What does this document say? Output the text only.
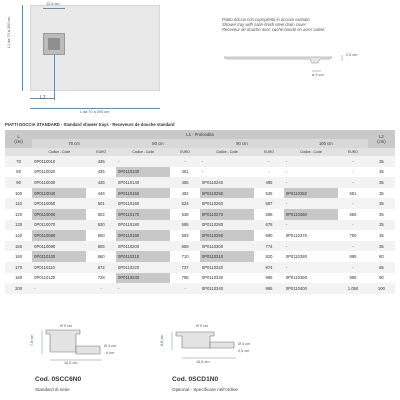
12,5 cm
L1 da 70 a 200 cm
L2
L da 70 a 200 cm
Piatto doccia con copripiletta in acciaio satinato
Shower tray with satin-finish steel drain cover
Receveur de douche avec cache-bonde en acier satiné
2,5 cm
ø 9 cm
PIATTI DOCCIA STANDARD - Standard shower trays - Receveurs de douche standard
L
(cm)	L1 - Profondità								L2
(cm)
	70 cm		80 cm		90 cm		100 cm		
	Codice - Code	EURO	Codice - Code	EURO	Codice - Code	EURO	Codice - Code	EURO	
70	0P0110010	435	-	-	-	-	-	-	35
80	0P0110020	435	0P0110130	461	-	-	-	-	35
90	0P0110030	436	0P0110140	465	0P0110240	495	-	-	35
100	0P0110040	446	0P0110150	482	0P0110250	535	0P0110350	581	35
110	0P0110050	501	0P0110160	524	0P0110260	587	-	-	35
120	0P0110060	502	0P0110170	538	0P0110270	598	0P0110360	665	35
130	0P0110070	530	0P0110180	585	0P0110280	678	-	-	35
140	0P0110080	560	0P0110190	593	0P0110290	690	0P0110370	760	35
150	0P0110090	605	0P0110200	659	0P0110300	774	-	-	35
160	0P0110100	660	0P0110210	710	0P0110310	820	0P0110380	895	80
170	0P0110110	672	0P0110220	737	0P0110320	874	-	-	85
180	0P0110120	728	0P0110230	795	0P0110330	895	0P0110390	995	90
200	-	-	-	-	0P0110340	995	0P0110400	1.050	100
Ø 9 cm
7,8 cm	Ø 4 cm
6 cm
16,5 cm
Ø 9 cm
6,8 cm	Ø 4 cm
2,5 cm
16,5 cm
Cod. 0SCC6N0
Standard di serie
Cod. 0SCD1N0
Optional - Specificare nell'ordine
